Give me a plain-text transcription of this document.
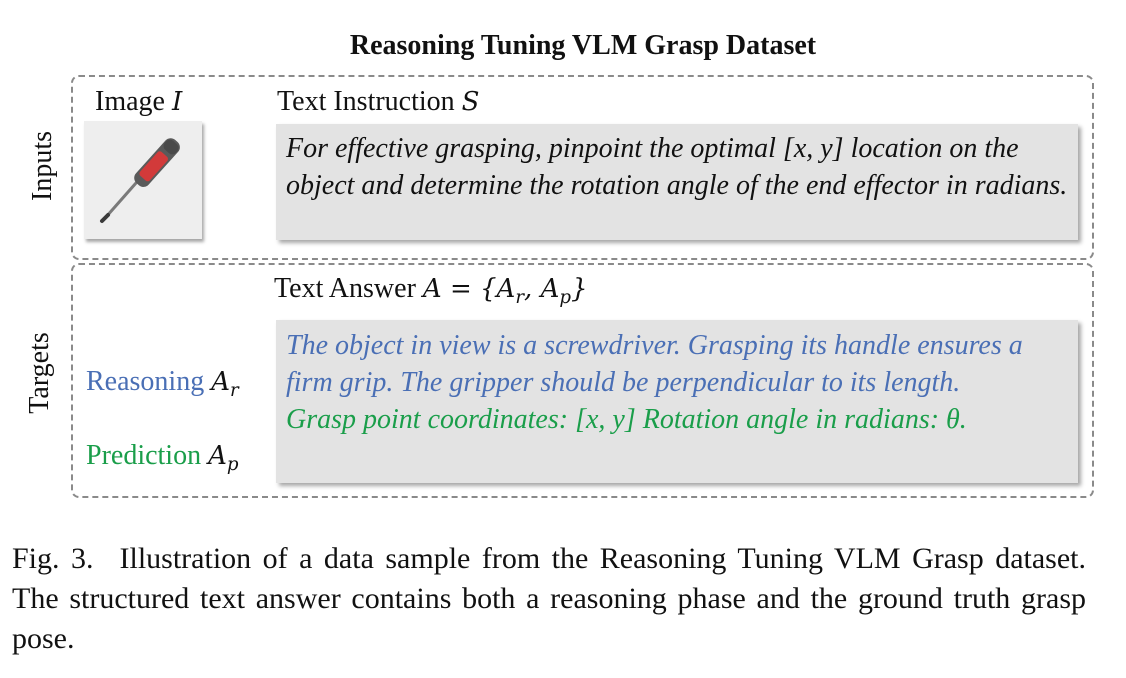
Reasoning Tuning VLM Grasp Dataset
Inputs
Targets
Image I	Text Instruction S
For effective grasping, pinpoint the optimal [x, y] location on the object and determine the rotation angle of the end effector in radians.
Text Answer $A = \{A_r$, $A_p$}
Reasoning $A_r$
Prediction $A_p$
The object in view is a screwdriver. Grasping its handle ensures a firm grip. The gripper should be perpendicular to its length.
Grasp point coordinates: [x, y] Rotation angle in radians: θ.
Fig. 3. Illustration of a data sample from the Reasoning Tuning VLM Grasp dataset. The structured text answer contains both a reasoning phase and the ground truth grasp pose.
